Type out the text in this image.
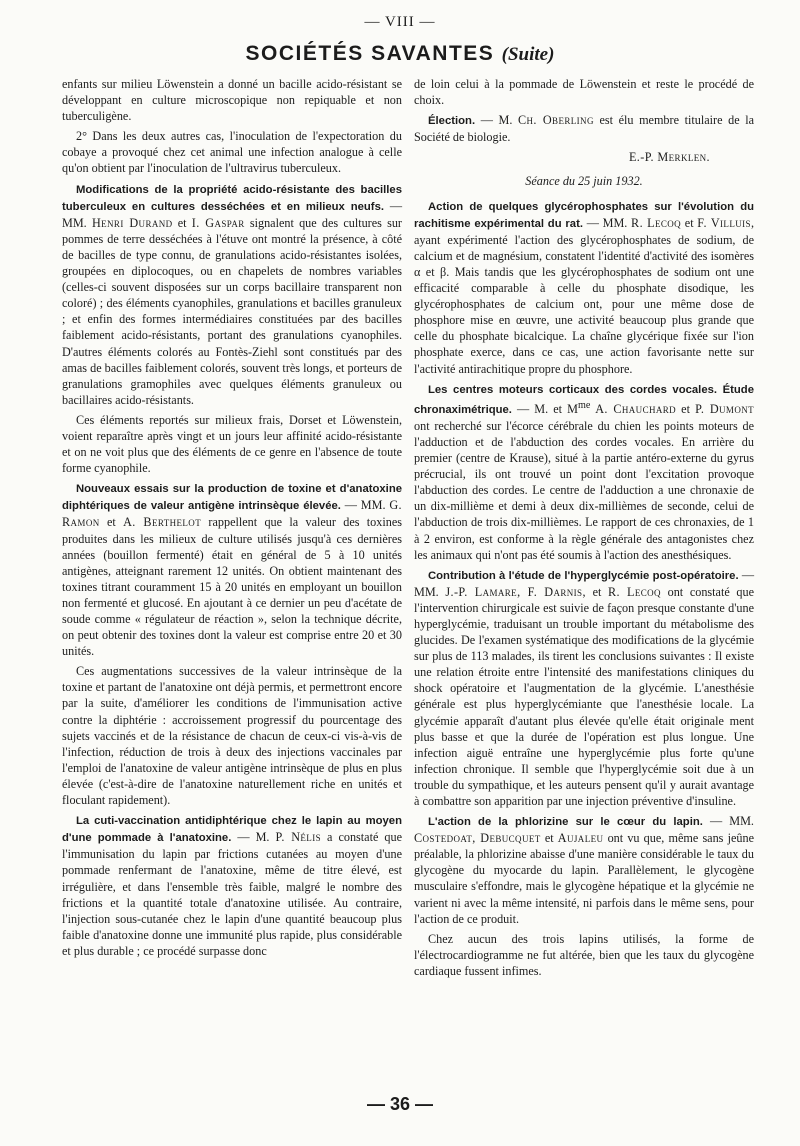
— VIII —
SOCIÉTÉS SAVANTES (Suite)

enfants sur milieu Löwenstein a donné un bacille acido-résistant se développant en culture microscopique non repiquable et non tuberculigène.

2° Dans les deux autres cas, l'inoculation de l'expectoration du cobaye a provoqué chez cet animal une infection analogue à celle qu'on obtient par l'inoculation de l'ultravirus tuberculeux.

Modifications de la propriété acido-résistante des bacilles tuberculeux en cultures desséchées et en milieux neufs. — MM. Henri Durand et I. Gaspar signalent que des cultures sur pommes de terre desséchées à l'étuve ont montré la présence, à côté de bacilles de type connu, de granulations acido-résistantes isolées, groupées en diplocoques, ou en chapelets de nombres variables (celles-ci souvent disposées sur un corps bacillaire transparent non coloré) ; des éléments cyanophiles, granulations et bacilles granuleux ; et enfin des formes intermédiaires constituées par des bacilles faiblement acido-résistants, portant des granulations cyanophiles. D'autres éléments colorés au Fontès-Ziehl sont constitués par des amas de bacilles faiblement colorés, souvent très longs, et porteurs de granulations gramophiles avec quelques éléments granuleux ou bacillaires acido-résistants.

Ces éléments reportés sur milieux frais, Dorset et Löwenstein, voient reparaître après vingt et un jours leur affinité acido-résistante et on ne voit plus que des éléments de ce genre en l'absence de toute forme cyanophile.

Nouveaux essais sur la production de toxine et d'anatoxine diphtériques de valeur antigène intrinsèque élevée. — MM. G. Ramon et A. Berthelot rappellent que la valeur des toxines produites dans les milieux de culture utilisés jusqu'à ces dernières années (bouillon fermenté) était en général de 5 à 10 unités antigènes, atteignant rarement 12 unités. On obtient maintenant des toxines titrant couramment 15 à 20 unités en employant un bouillon non fermenté et glucosé. En ajoutant à ce dernier un peu d'acétate de soude comme « régulateur de réaction », selon la technique décrite, on peut obtenir des toxines dont la valeur est comprise entre 20 et 30 unités.

Ces augmentations successives de la valeur intrinsèque de la toxine et partant de l'anatoxine ont déjà permis, et permettront encore par la suite, d'améliorer les conditions de l'immunisation active contre la diphtérie : accroissement progressif du pourcentage des sujets vaccinés et de la résistance de chacun de ceux-ci vis-à-vis de l'infection, réduction de trois à deux des injections vaccinales par l'emploi de l'anatoxine de valeur antigène intrinsèque de plus en plus élevée (c'est-à-dire de l'anatoxine naturellement riche en unités et floculant rapidement).

La cuti-vaccination antidiphtérique chez le lapin au moyen d'une pommade à l'anatoxine. — M. P. Nélis a constaté que l'immunisation du lapin par frictions cutanées au moyen d'une pommade renfermant de l'anatoxine, même de titre élevé, est irrégulière, et dans l'ensemble très faible, malgré le nombre des frictions et la quantité totale d'anatoxine utilisée. Au contraire, l'injection sous-cutanée chez le lapin d'une quantité beaucoup plus faible d'anatoxine donne une immunité plus rapide, plus considérable et plus durable ; ce procédé surpasse donc

de loin celui à la pommade de Löwenstein et reste le procédé de choix.

Élection. — M. Ch. Oberling est élu membre titulaire de la Société de biologie.

E.-P. Merklen.
Séance du 25 juin 1932.

Action de quelques glycérophosphates sur l'évolution du rachitisme expérimental du rat. — MM. R. Lecoq et F. Villuis, ayant expérimenté l'action des glycérophosphates de sodium, de calcium et de magnésium, constatent l'identité d'activité des isomères α et β. Mais tandis que les glycérophosphates de sodium ont une efficacité comparable à celle du phosphate disodique, les glycérophosphates de calcium ont, pour une même dose de phosphore mise en œuvre, une activité beaucoup plus grande que celle du phosphate bicalcique. La chaîne glycérique fixée sur l'ion phosphate exerce, dans ce cas, une action favorisante nette sur l'activité antirachitique propre du phosphore.

Les centres moteurs corticaux des cordes vocales. Étude chronaximétrique. — M. et $M^{me}$ A. Chauchard et P. Dumont ont recherché sur l'écorce cérébrale du chien les points moteurs de l'adduction et de l'abduction des cordes vocales. En arrière du premier (centre de Krause), situé à la partie antéro-externe du gyrus précrucial, ils ont trouvé un point dont l'excitation provoque l'abduction des cordes. Le centre de l'adduction a une chronaxie de un dix-millième et demi à deux dix-millièmes de seconde, celui de l'abduction de trois dix-millièmes. Le rapport de ces chronaxies, de 1 à 2 environ, est conforme à la règle générale des antagonistes chez les animaux qui n'ont pas été soumis à l'action des anesthésiques.

Contribution à l'étude de l'hyperglycémie post-opératoire. — MM. J.-P. Lamare, F. Darnis, et R. Lecoq ont constaté que l'intervention chirurgicale est suivie de façon presque constante d'une hyperglycémie, traduisant un trouble important du métabolisme des glucides. De l'examen systématique des modifications de la glycémie sur plus de 113 malades, ils tirent les conclusions suivantes : Il existe une relation étroite entre l'intensité des manifestations cliniques du shock opératoire et l'augmentation de la glycémie. L'anesthésie générale est plus hyperglycémiante que l'anesthésie locale. La glycémie apparaît d'autant plus élevée qu'elle était originale ment plus basse et que la durée de l'opération est plus longue. Une infection aiguë entraîne une hyperglycémie plus forte qu'une infection chronique. Il semble que l'hyperglycémie soit due à un trouble du sympathique, et les auteurs pensent qu'il y aurait avantage à combattre son apparition par une injection préventive d'insuline.

L'action de la phlorizine sur le cœur du lapin. — MM. Costedoat, Debucquet et Aujaleu ont vu que, même sans jeûne préalable, la phlorizine abaisse d'une manière considérable le taux du glycogène du myocarde du lapin. Parallèlement, le glycogène musculaire s'effondre, mais le glycogène hépatique et la glycémie ne varient ni avec la même intensité, ni parfois dans le même sens, pour l'action de ce produit.

Chez aucun des trois lapins utilisés, la forme de l'électrocardiogramme ne fut altérée, bien que les taux du glycogène cardiaque fussent infimes.

— 36 —
